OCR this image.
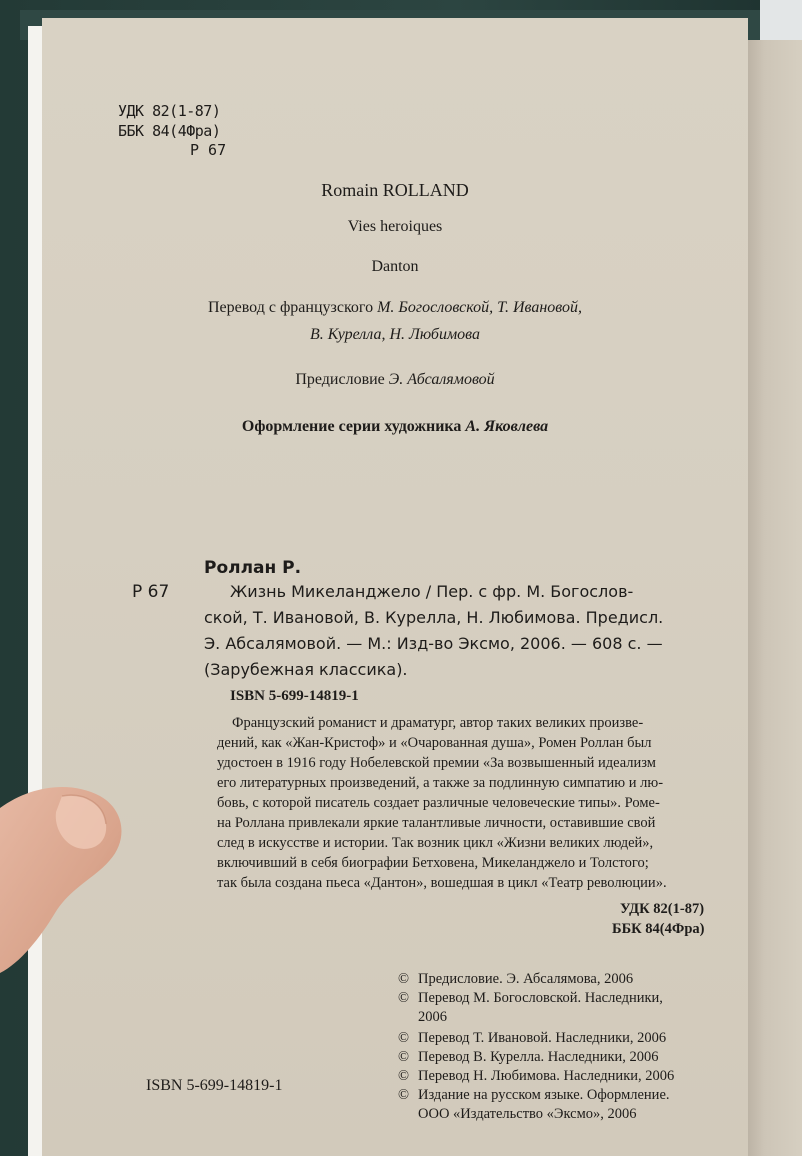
УДК 82(1-87)
ББК 84(4Фра)
Р 67
Romain ROLLAND
Vies heroiques
Danton
Перевод с французского М. Богословской, Т. Ивановой,
В. Курелла, Н. Любимова
Предисловие Э. Абсалямовой
Оформление серии художника А. Яковлева
Роллан Р.
Р 67	Жизнь Микеланджело / Пер. с фр. М. Богослов-
ской, Т. Ивановой, В. Курелла, Н. Любимова. Предисл.
Э. Абсалямовой. — М.: Изд-во Эксмо, 2006. — 608 с. —
(Зарубежная классика).
ISBN 5-699-14819-1
Французский романист и драматург, автор таких великих произве-
дений, как «Жан-Кристоф» и «Очарованная душа», Ромен Роллан был
удостоен в 1916 году Нобелевской премии «За возвышенный идеализм
его литературных произведений, а также за подлинную симпатию и лю-
бовь, с которой писатель создает различные человеческие типы». Роме-
на Роллана привлекали яркие талантливые личности, оставившие свой
след в искусстве и истории. Так возник цикл «Жизни великих людей»,
включивший в себя биографии Бетховена, Микеланджело и Толстого;
так была создана пьеса «Дантон», вошедшая в цикл «Театр революции».
УДК 82(1-87)
ББК 84(4Фра)
© Предисловие. Э. Абсалямова, 2006
© Перевод М. Богословской. Наследники,
2006
© Перевод Т. Ивановой. Наследники, 2006
© Перевод В. Курелла. Наследники, 2006
© Перевод Н. Любимова. Наследники, 2006
© Издание на русском языке. Оформление.
ООО «Издательство «Эксмо», 2006
ISBN 5-699-14819-1
